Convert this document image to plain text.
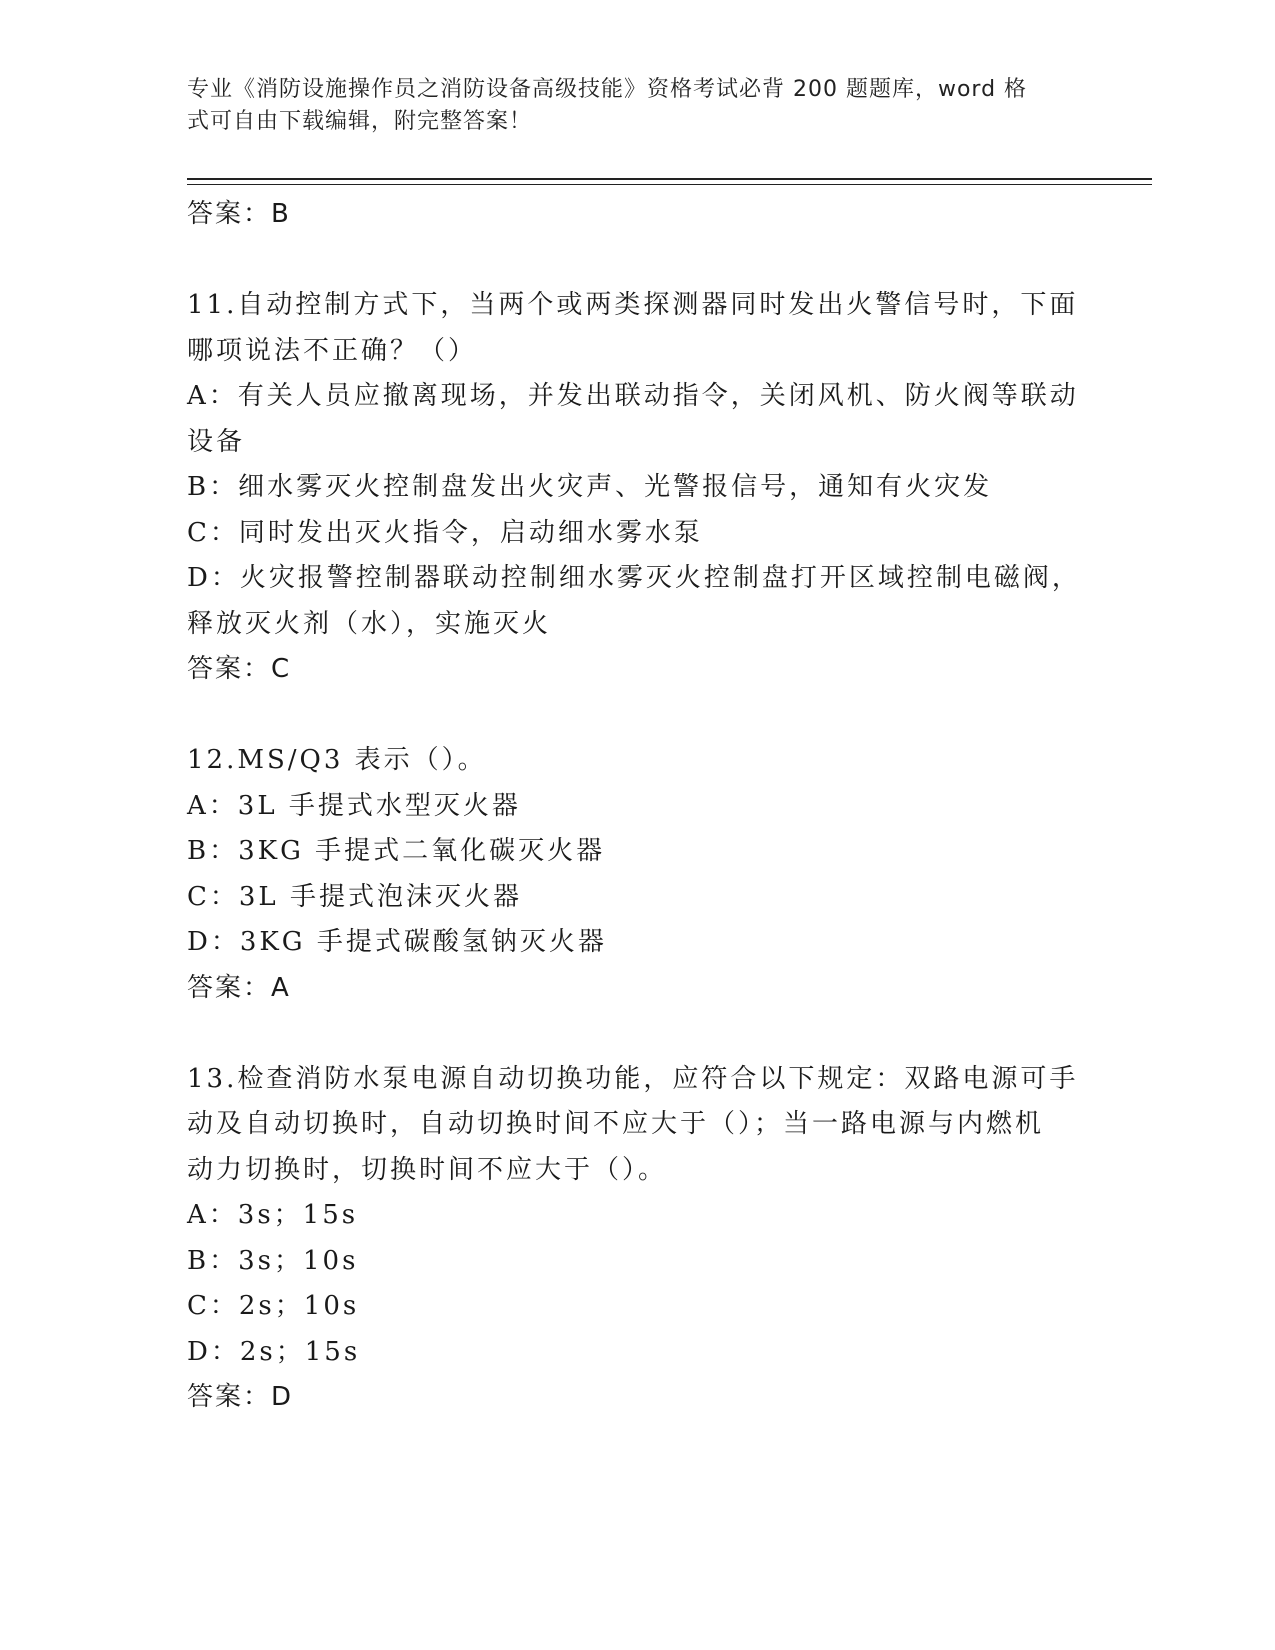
专业《消防设施操作员之消防设备高级技能》资格考试必背 200 题题库，word 格
式可自由下载编辑，附完整答案！
答案：B
11.自动控制方式下，当两个或两类探测器同时发出火警信号时，下面
哪项说法不正确？（）
A：有关人员应撤离现场，并发出联动指令，关闭风机、防火阀等联动
设备
B：细水雾灭火控制盘发出火灾声、光警报信号，通知有火灾发
C：同时发出灭火指令，启动细水雾水泵
D：火灾报警控制器联动控制细水雾灭火控制盘打开区域控制电磁阀，
释放灭火剂（水），实施灭火
答案：C
12.MS/Q3 表示（）。
A：3L 手提式水型灭火器
B：3KG 手提式二氧化碳灭火器
C：3L 手提式泡沫灭火器
D：3KG 手提式碳酸氢钠灭火器
答案：A
13.检查消防水泵电源自动切换功能，应符合以下规定：双路电源可手
动及自动切换时，自动切换时间不应大于（）；当一路电源与内燃机
动力切换时，切换时间不应大于（）。
A：3s；15s
B：3s；10s
C：2s；10s
D：2s；15s
答案：D
